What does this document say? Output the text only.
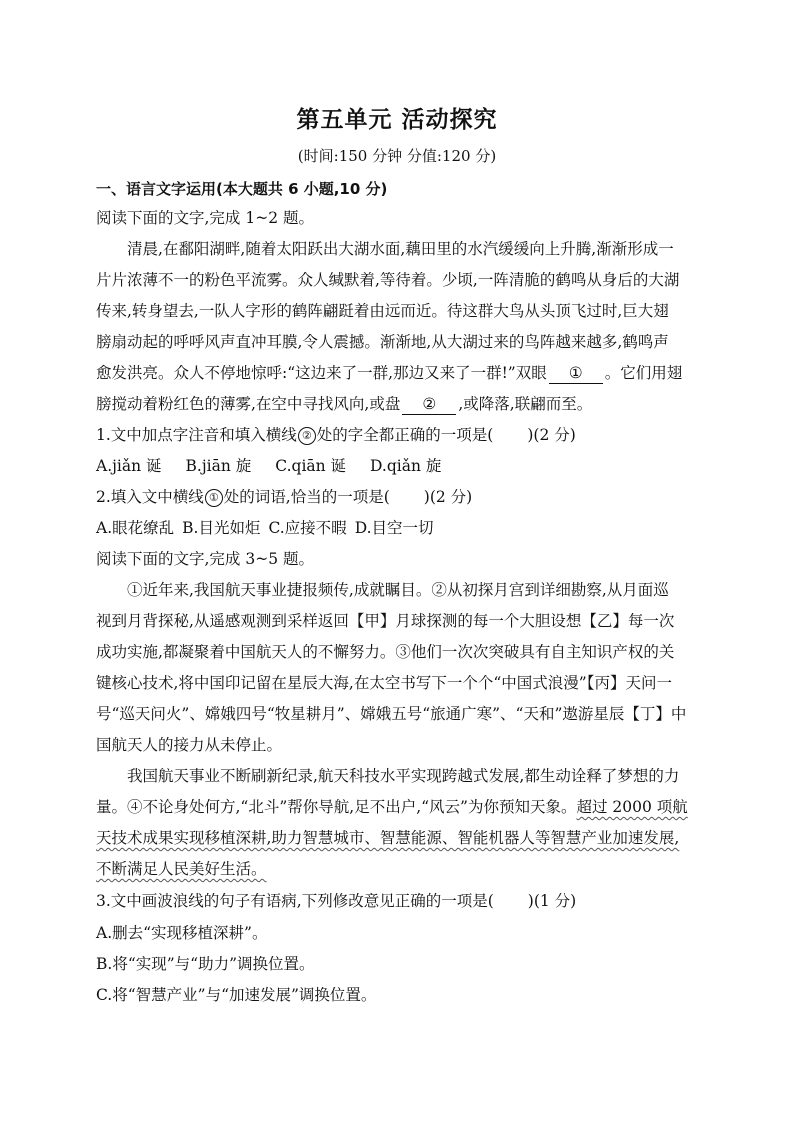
第五单元 活动探究
(时间:150 分钟 分值:120 分)
一、语言文字运用(本大题共 6 小题,10 分)
阅读下面的文字,完成 1~2 题。
清晨,在鄱阳湖畔,随着太阳跃出大湖水面,藕田里的水汽缓缓向上升腾,渐渐形成一
片片浓薄不一的粉色平流雾。众人缄默着,等待着。少顷,一阵清脆的鹤鸣从身后的大湖
传来,转身望去,一队人字形的鹤阵翩跹着由远而近。待这群大鸟从头顶飞过时,巨大翅
膀扇动起的呼呼风声直冲耳膜,令人震撼。渐渐地,从大湖过来的鸟阵越来越多,鹤鸣声
愈发洪亮。众人不停地惊呼:“这边来了一群,那边又来了一群!”双眼 ① 。它们用翅
膀搅动着粉红色的薄雾,在空中寻找风向,或盘 ② ,或降落,联翩而至。
1.文中加点字注音和填入横线 ② 处的字全都正确的一项是( )(2 分)
A.jiǎn 诞 B.jiān 旋 C.qiān 诞 D.qiǎn 旋
2.填入文中横线 ① 处的词语,恰当的一项是( )(2 分)
A.眼花缭乱 B.目光如炬 C.应接不暇 D.目空一切
阅读下面的文字,完成 3~5 题。
①近年来,我国航天事业捷报频传,成就瞩目。②从初探月宫到详细勘察,从月面巡
视到月背探秘,从遥感观测到采样返回【甲】月球探测的每一个大胆设想【乙】每一次
成功实施,都凝聚着中国航天人的不懈努力。③他们一次次突破具有自主知识产权的关
键核心技术,将中国印记留在星辰大海,在太空书写下一个个“中国式浪漫”【丙】天问一
号“巡天问火”、嫦娥四号“牧星耕月”、嫦娥五号“旅通广寒”、“天和”遨游星辰【丁】中
国航天人的接力从未停止。
我国航天事业不断刷新纪录,航天科技水平实现跨越式发展,都生动诠释了梦想的力
量。④不论身处何方,“北斗”帮你导航,足不出户,“风云”为你预知天象。超过 2000 项航
天技术成果实现移植深耕,助力智慧城市、智慧能源、智能机器人等智慧产业加速发展,
不断满足人民美好生活。
3.文中画波浪线的句子有语病,下列修改意见正确的一项是( )(1 分)
A.删去“实现移植深耕”。
B.将“实现”与“助力”调换位置。
C.将“智慧产业”与“加速发展”调换位置。
